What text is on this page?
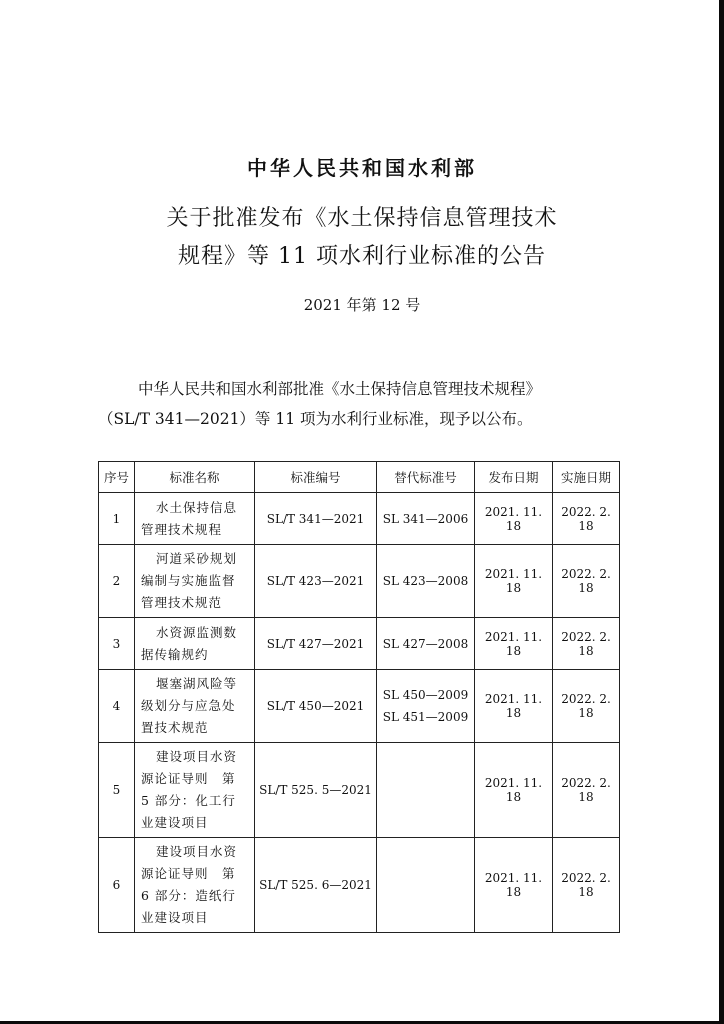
中华人民共和国水利部
关于批准发布《水土保持信息管理技术
规程》等 11 项水利行业标准的公告
2021 年第 12 号
中华人民共和国水利部批准《水土保持信息管理技术规程》
（SL/T 341—2021）等 11 项为水利行业标准，现予以公布。
序号	标准名称	标准编号	替代标准号	发布日期	实施日期
1	水土保持信息
管理技术规程	SL/T 341—2021	SL 341—2006	2021. 11. 18	2022. 2. 18
2	河道采砂规划
编制与实施监督
管理技术规范	SL/T 423—2021	SL 423—2008	2021. 11. 18	2022. 2. 18
3	水资源监测数
据传输规约	SL/T 427—2021	SL 427—2008	2021. 11. 18	2022. 2. 18
4	堰塞湖风险等
级划分与应急处
置技术规范	SL/T 450—2021	SL 450—2009
SL 451—2009	2021. 11. 18	2022. 2. 18
5	建设项目水资
源论证导则　第
5 部分：化工行
业建设项目	SL/T 525. 5—2021		2021. 11. 18	2022. 2. 18
6	建设项目水资
源论证导则　第
6 部分：造纸行
业建设项目	SL/T 525. 6—2021		2021. 11. 18	2022. 2. 18
